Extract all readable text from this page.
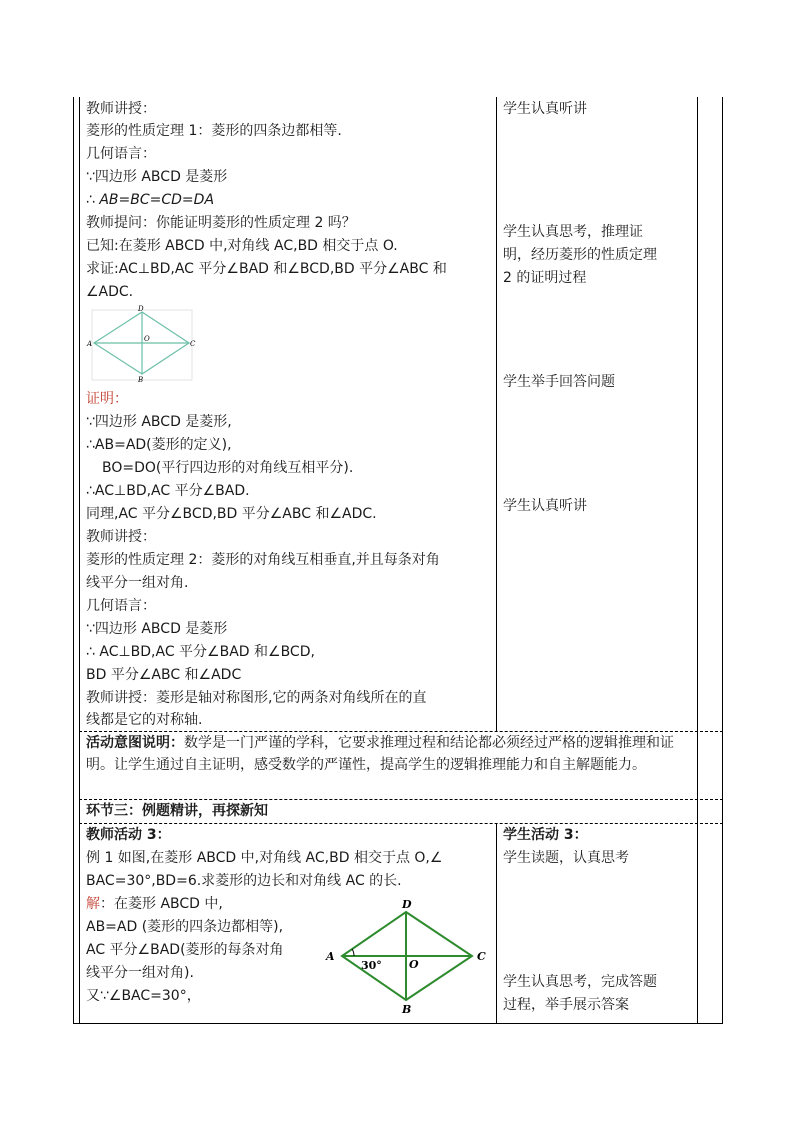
教师讲授：
菱形的性质定理 1：菱形的四条边都相等.
几何语言：
∵四边形 ABCD 是菱形
∴ AB=BC=CD=DA
教师提问：你能证明菱形的性质定理 2 吗？
已知:在菱形 ABCD 中,对角线 AC,BD 相交于点 O.
求证:AC⊥BD,AC 平分∠BAD 和∠BCD,BD 平分∠ABC 和
∠ADC.
D
A
O
C
B
证明：
∵四边形 ABCD 是菱形,
∴AB=AD(菱形的定义),
BO=DO(平行四边形的对角线互相平分).
∴AC⊥BD,AC 平分∠BAD.
同理,AC 平分∠BCD,BD 平分∠ABC 和∠ADC.
教师讲授：
菱形的性质定理 2：菱形的对角线互相垂直,并且每条对角
线平分一组对角.
几何语言：
∵四边形 ABCD 是菱形
∴ AC⊥BD,AC 平分∠BAD 和∠BCD,
BD 平分∠ABC 和∠ADC
教师讲授：菱形是轴对称图形,它的两条对角线所在的直
线都是它的对称轴.
学生认真听讲
学生认真思考，推理证
明，经历菱形的性质定理
2 的证明过程
学生举手回答问题
学生认真听讲
活动意图说明：数学是一门严谨的学科，它要求推理过程和结论都必须经过严格的逻辑推理和证明。让学生通过自主证明，感受数学的严谨性，提高学生的逻辑推理能力和自主解题能力。
环节三：例题精讲，再探新知
教师活动 3：
例 1 如图,在菱形 ABCD 中,对角线 AC,BD 相交于点 O,∠
BAC=30°,BD=6.求菱形的边长和对角线 AC 的长.
解：在菱形 ABCD 中,
AB=AD (菱形的四条边都相等),
AC 平分∠BAD(菱形的每条对角
线平分一组对角).
又∵∠BAC=30°，
D
A
O
C
B
30°
学生活动 3：
学生读题，认真思考
学生认真思考，完成答题
过程，举手展示答案
